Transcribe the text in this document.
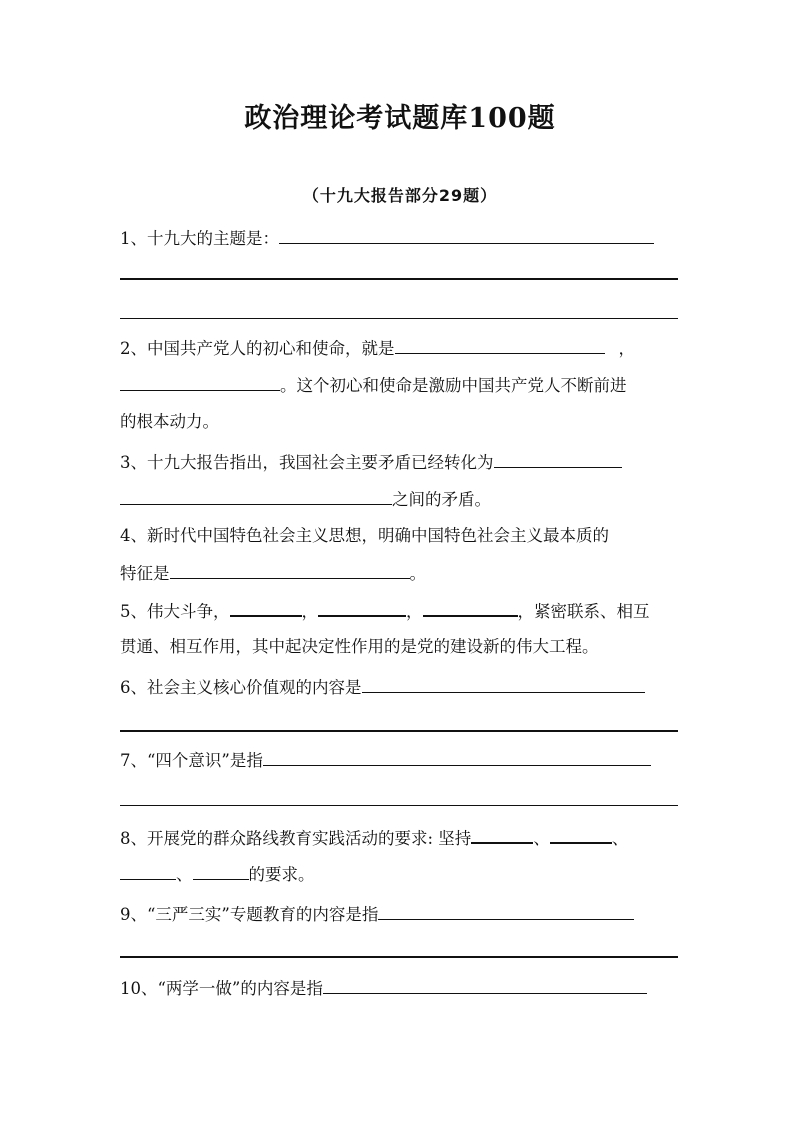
政治理论考试题库100题
（十九大报告部分29题）
1、十九大的主题是：
2、中国共产党人的初心和使命，就是	，
。这个初心和使命是激励中国共产党人不断前进
的根本动力。
3、十九大报告指出，我国社会主要矛盾已经转化为
之间的矛盾。
4、新时代中国特色社会主义思想，明确中国特色社会主义最本质的
特征是	。
5、伟大斗争，	，	，	，紧密联系、相互
贯通、相互作用，其中起决定性作用的是党的建设新的伟大工程。
6、社会主义核心价值观的内容是
7、“四个意识”是指
8、开展党的群众路线教育实践活动的要求: 坚持	、	、
、	的要求。
9、“三严三实”专题教育的内容是指
10、“两学一做”的内容是指
